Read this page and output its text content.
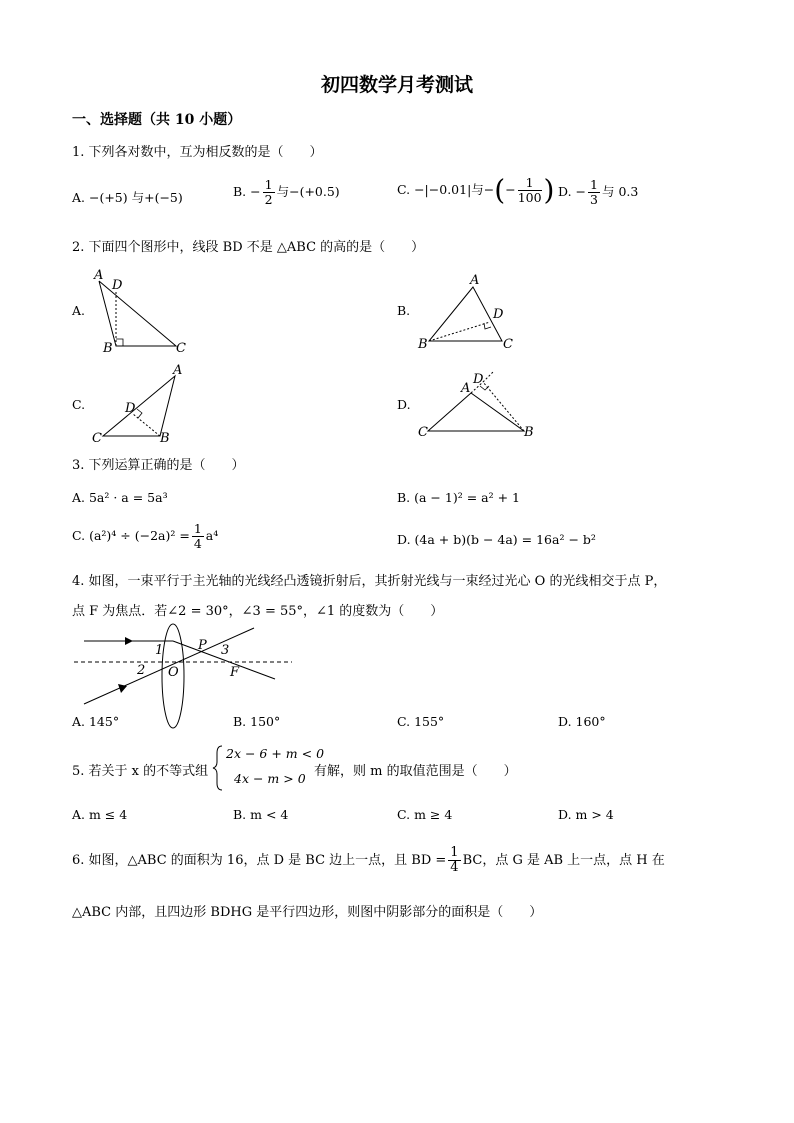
初四数学月考测试
一、选择题（共 10 小题）
1. 下列各对数中，互为相反数的是（　　）
A. −(+5) 与+(−5)	B. − $\frac{1}{2}$ 与−(+0.5)	C. −|−0.01|与−(− $\frac{1}{100}$ ) D. − $\frac{1}{3}$ 与 0.3
2. 下面四个图形中，线段 BD 不是 △ABC 的高的是（　　）
A.	B.
C.	D.
A
D
B	C
A
D
B	C
A
D
C	B
A
D
C	B
3. 下列运算正确的是（　　）
A. 5a² · a = 5a³	B. (a − 1)² = a² + 1
C. $(a^2)^4 \div (-2a)^2 = \frac{1}{4} a^4$	D. (4a + b)(b − 4a) = 16a² − b²
4. 如图，一束平行于主光轴的光线经凸透镜折射后，其折射光线与一束经过光心 O 的光线相交于点 P，
点 F 为焦点．若∠2 = 30°，∠3 = 55°，∠1 的度数为（　　）
1
2
3
P
O	F
A. 145°	B. 150°	C. 155°	D. 160°
5. 若关于 x 的不等式组
2x − 6 + m < 0
4x − m > 0 有解，则 m 的取值范围是（　　）
A. m ≤ 4	B. m < 4	C. m ≥ 4	D. m > 4
6. 如图，△ABC 的面积为 16，点 D 是 BC 边上一点，且 BD = $\frac{1}{4}$ BC，点 G 是 AB 上一点，点 H 在
△ABC 内部，且四边形 BDHG 是平行四边形，则图中阴影部分的面积是（　　）
